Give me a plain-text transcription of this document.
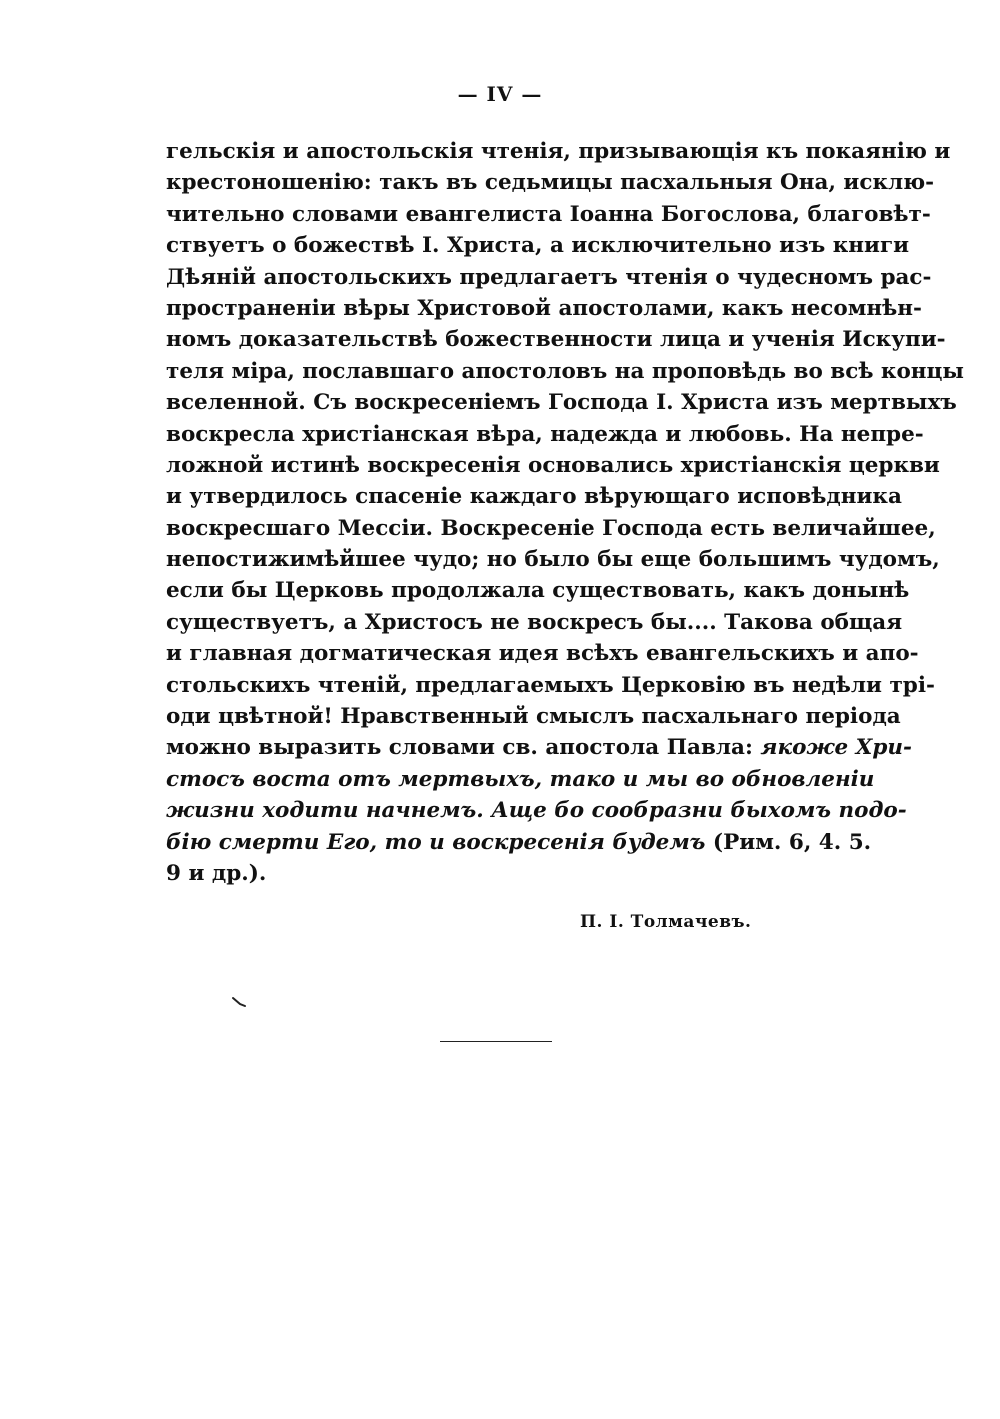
— IV —
гельскія и апостольскія чтенія, призывающія къ покаянію и
крестоношенію: такъ въ седьмицы пасхальныя Она, исклю-
чительно словами евангелиста Іоанна Богослова, благовѣт-
ствуетъ о божествѣ І. Христа, а исключительно изъ книги
Дѣяній апостольскихъ предлагаетъ чтенія о чудесномъ рас-
пространеніи вѣры Христовой апостолами, какъ несомнѣн-
номъ доказательствѣ божественности лица и ученія Искупи-
теля міра, пославшаго апостоловъ на проповѣдь во всѣ концы
вселенной. Съ воскресеніемъ Господа І. Христа изъ мертвыхъ
воскресла христіанская вѣра, надежда и любовь. На непре-
ложной истинѣ воскресенія основались христіанскія церкви
и утвердилось спасеніе каждаго вѣрующаго исповѣдника
воскресшаго Мессіи. Воскресеніе Господа есть величайшее,
непостижимѣйшее чудо; но было бы еще большимъ чудомъ,
если бы Церковь продолжала существовать, какъ донынѣ
существуетъ, а Христосъ не воскресъ бы.... Такова общая
и главная догматическая идея всѣхъ евангельскихъ и апо-
стольскихъ чтеній, предлагаемыхъ Церковію въ недѣли трі-
оди цвѣтной! Нравственный смыслъ пасхальнаго періода
можно выразить словами св. апостола Павла: якоже Хри-
стосъ воста отъ мертвыхъ, тако и мы во обновленіи
жизни ходити начнемъ. Аще бо сообразни быхомъ подо-
бію смерти Его, то и воскресенія будемъ (Рим. 6, 4. 5.
9 и др.).
П. І. Толмачевъ.
